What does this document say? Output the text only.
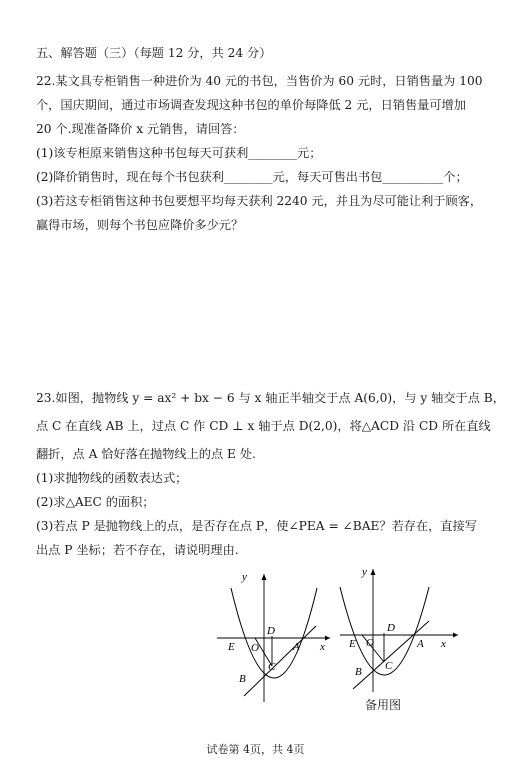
五、解答题（三）（每题 12 分，共 24 分）
22.某文具专柜销售一种进价为 40 元的书包，当售价为 60 元时，日销售量为 100
个，国庆期间，通过市场调查发现这种书包的单价每降低 2 元，日销售量可增加
20 个.现准备降价 x 元销售，请回答：
(1)该专柜原来销售这种书包每天可获利________元；
(2)降价销售时，现在每个书包获利________元，每天可售出书包__________个；
(3)若这专柜销售这种书包要想平均每天获利 2240 元，并且为尽可能让利于顾客，
赢得市场，则每个书包应降价多少元？
23.如图，抛物线 y = ax² + bx − 6 与 x 轴正半轴交于点 A(6,0)，与 y 轴交于点 B，
点 C 在直线 AB 上，过点 C 作 CD ⊥ x 轴于点 D(2,0)，将△ACD 沿 CD 所在直线
翻折，点 A 恰好落在抛物线上的点 E 处.
(1)求抛物线的函数表达式；
(2)求△AEC 的面积；
(3)若点 P 是抛物线上的点，是否存在点 P，使∠PEA = ∠BAE？若存在，直接写
出点 P 坐标；若不存在，请说明理由.
y
x
E O
D
A
C
B
y
x
E O
D
A
C
B
备用图
试卷第 4页，共 4页
